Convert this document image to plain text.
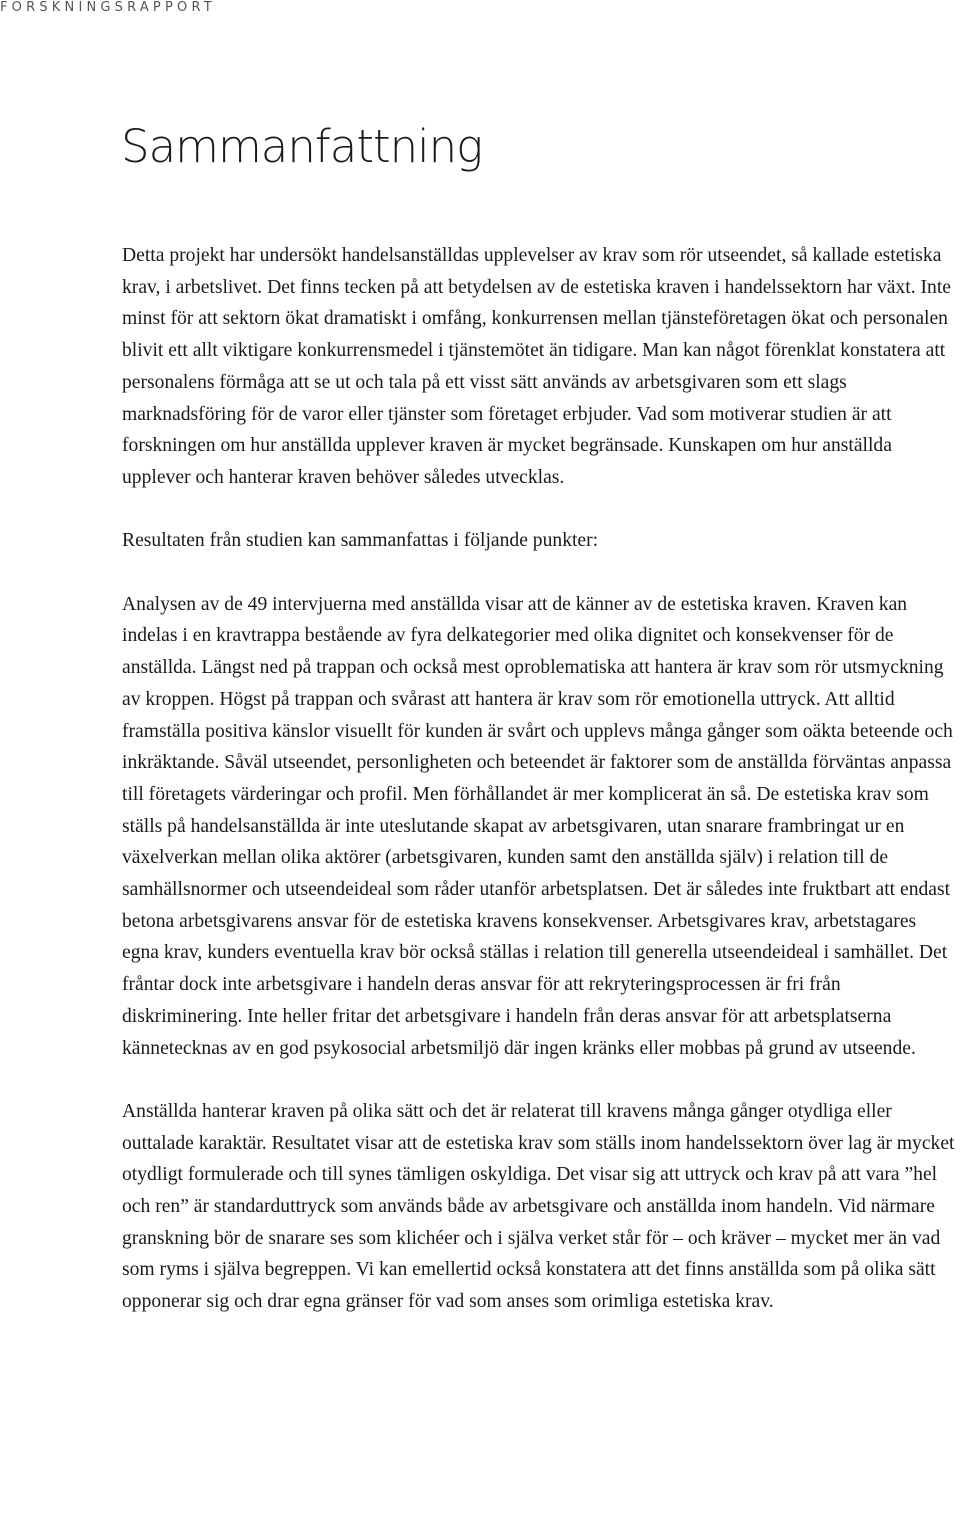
FORSKNINGSRAPPORT
Sammanfattning

Detta projekt har undersökt handelsanställdas upplevelser av krav som rör utseendet, så kallade estetiska krav, i arbetslivet. Det finns tecken på att betydelsen av de estetiska kraven i handelssektorn har växt. Inte minst för att sektorn ökat dramatiskt i omfång, konkurrensen mellan tjänsteföretagen ökat och personalen blivit ett allt viktigare konkurrensmedel i tjänstemötet än tidigare. Man kan något förenklat konstatera att personalens förmåga att se ut och tala på ett visst sätt används av arbetsgivaren som ett slags marknadsföring för de varor eller tjänster som företaget erbjuder. Vad som motiverar studien är att forskningen om hur anställda upplever kraven är mycket begränsade. Kunskapen om hur anställda upplever och hanterar kraven behöver således utvecklas.

Resultaten från studien kan sammanfattas i följande punkter:

Analysen av de 49 intervjuerna med anställda visar att de känner av de estetiska kraven. Kraven kan indelas i en kravtrappa bestående av fyra delkategorier med olika dignitet och konsekvenser för de anställda. Längst ned på trappan och också mest oproblematiska att hantera är krav som rör utsmyckning av kroppen. Högst på trappan och svårast att hantera är krav som rör emotionella uttryck. Att alltid framställa positiva känslor visuellt för kunden är svårt och upplevs många gånger som oäkta beteende och inkräktande. Såväl utseendet, personligheten och beteendet är faktorer som de anställda förväntas anpassa till företagets värderingar och profil. Men förhållandet är mer komplicerat än så. De estetiska krav som ställs på handelsanställda är inte uteslutande skapat av arbetsgivaren, utan snarare frambringat ur en växelverkan mellan olika aktörer (arbetsgivaren, kunden samt den anställda själv) i relation till de samhällsnormer och utseendeideal som råder utanför arbetsplatsen. Det är således inte fruktbart att endast betona arbetsgivarens ansvar för de estetiska kravens konsekvenser. Arbetsgivares krav, arbetstagares egna krav, kunders eventuella krav bör också ställas i relation till generella utseendeideal i samhället. Det fråntar dock inte arbetsgivare i handeln deras ansvar för att rekryteringsprocessen är fri från diskriminering. Inte heller fritar det arbetsgivare i handeln från deras ansvar för att arbetsplatserna kännetecknas av en god psykosocial arbetsmiljö där ingen kränks eller mobbas på grund av utseende.

Anställda hanterar kraven på olika sätt och det är relaterat till kravens många gånger otydliga eller outtalade karaktär. Resultatet visar att de estetiska krav som ställs inom handelssektorn över lag är mycket otydligt formulerade och till synes tämligen oskyldiga. Det visar sig att uttryck och krav på att vara ”hel och ren” är standarduttryck som används både av arbetsgivare och anställda inom handeln. Vid närmare granskning bör de snarare ses som klichéer och i själva verket står för – och kräver – mycket mer än vad som ryms i själva begreppen. Vi kan emellertid också konstatera att det finns anställda som på olika sätt opponerar sig och drar egna gränser för vad som anses som orimliga estetiska krav.
